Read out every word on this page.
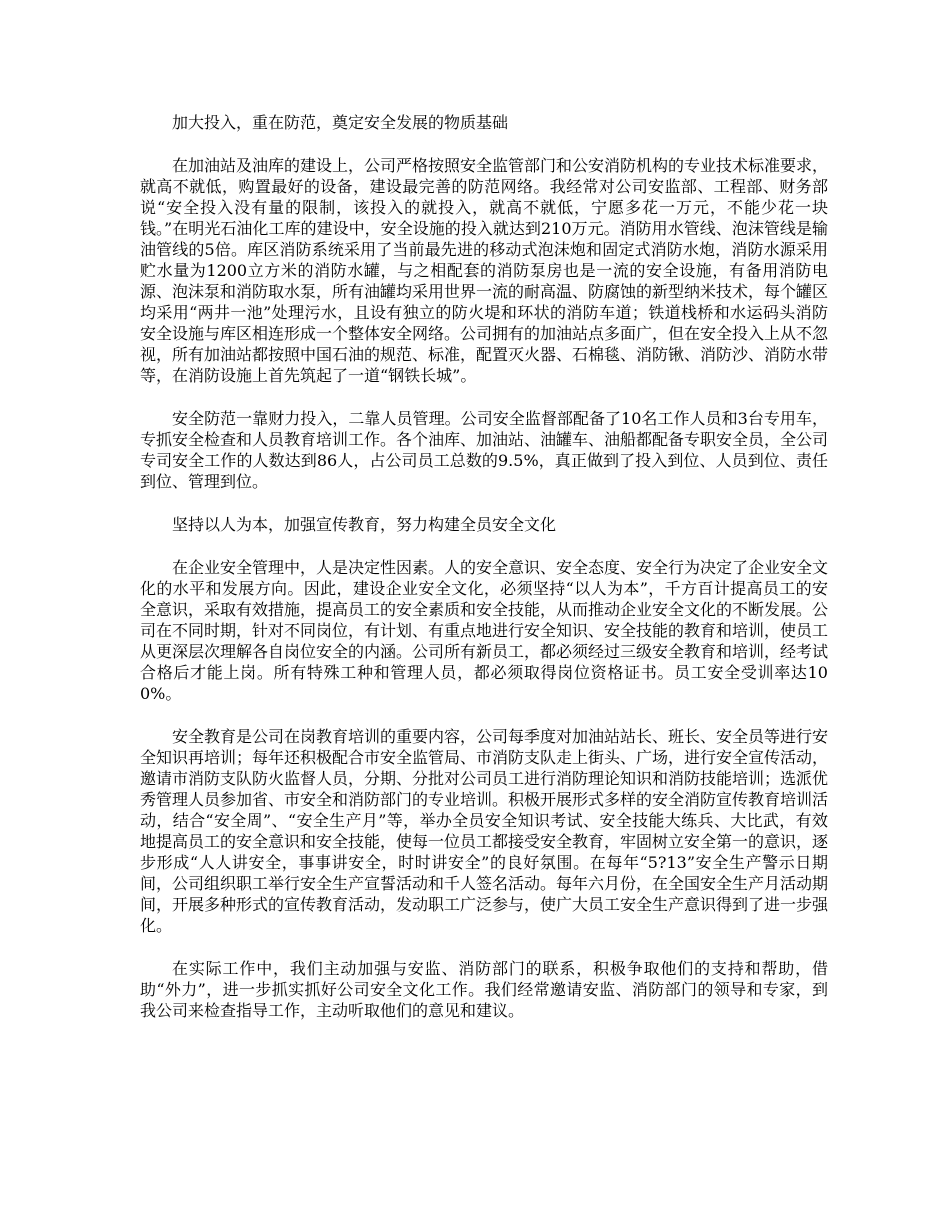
加大投入，重在防范，奠定安全发展的物质基础

在加油站及油库的建设上，公司严格按照安全监管部门和公安消防机构的专业技术标准要求，就高不就低，购置最好的设备，建设最完善的防范网络。我经常对公司安监部、工程部、财务部说“安全投入没有量的限制，该投入的就投入，就高不就低，宁愿多花一万元，不能少花一块钱。”在明光石油化工库的建设中，安全设施的投入就达到210万元。消防用水管线、泡沫管线是输油管线的5倍。库区消防系统采用了当前最先进的移动式泡沫炮和固定式消防水炮，消防水源采用贮水量为1200立方米的消防水罐，与之相配套的消防泵房也是一流的安全设施，有备用消防电源、泡沫泵和消防取水泵，所有油罐均采用世界一流的耐高温、防腐蚀的新型纳米技术，每个罐区均采用“两井一池”处理污水，且设有独立的防火堤和环状的消防车道；铁道栈桥和水运码头消防安全设施与库区相连形成一个整体安全网络。公司拥有的加油站点多面广，但在安全投入上从不忽视，所有加油站都按照中国石油的规范、标准，配置灭火器、石棉毯、消防锹、消防沙、消防水带等，在消防设施上首先筑起了一道“钢铁长城”。

安全防范一靠财力投入，二靠人员管理。公司安全监督部配备了10名工作人员和3台专用车，专抓安全检查和人员教育培训工作。各个油库、加油站、油罐车、油船都配备专职安全员，全公司专司安全工作的人数达到86人，占公司员工总数的9.5%，真正做到了投入到位、人员到位、责任到位、管理到位。

坚持以人为本，加强宣传教育，努力构建全员安全文化

在企业安全管理中，人是决定性因素。人的安全意识、安全态度、安全行为决定了企业安全文化的水平和发展方向。因此，建设企业安全文化，必须坚持“以人为本”，千方百计提高员工的安全意识，采取有效措施，提高员工的安全素质和安全技能，从而推动企业安全文化的不断发展。公司在不同时期，针对不同岗位，有计划、有重点地进行安全知识、安全技能的教育和培训，使员工从更深层次理解各自岗位安全的内涵。公司所有新员工，都必须经过三级安全教育和培训，经考试合格后才能上岗。所有特殊工种和管理人员，都必须取得岗位资格证书。员工安全受训率达100%。

安全教育是公司在岗教育培训的重要内容，公司每季度对加油站站长、班长、安全员等进行安全知识再培训；每年还积极配合市安全监管局、市消防支队走上街头、广场，进行安全宣传活动，邀请市消防支队防火监督人员，分期、分批对公司员工进行消防理论知识和消防技能培训；选派优秀管理人员参加省、市安全和消防部门的专业培训。积极开展形式多样的安全消防宣传教育培训活动，结合“安全周”、“安全生产月”等，举办全员安全知识考试、安全技能大练兵、大比武，有效地提高员工的安全意识和安全技能，使每一位员工都接受安全教育，牢固树立安全第一的意识，逐步形成“人人讲安全，事事讲安全，时时讲安全”的良好氛围。在每年“5?13”安全生产警示日期间，公司组织职工举行安全生产宣誓活动和千人签名活动。每年六月份，在全国安全生产月活动期间，开展多种形式的宣传教育活动，发动职工广泛参与，使广大员工安全生产意识得到了进一步强化。

在实际工作中，我们主动加强与安监、消防部门的联系，积极争取他们的支持和帮助，借助“外力”，进一步抓实抓好公司安全文化工作。我们经常邀请安监、消防部门的领导和专家，到我公司来检查指导工作，主动听取他们的意见和建议。
